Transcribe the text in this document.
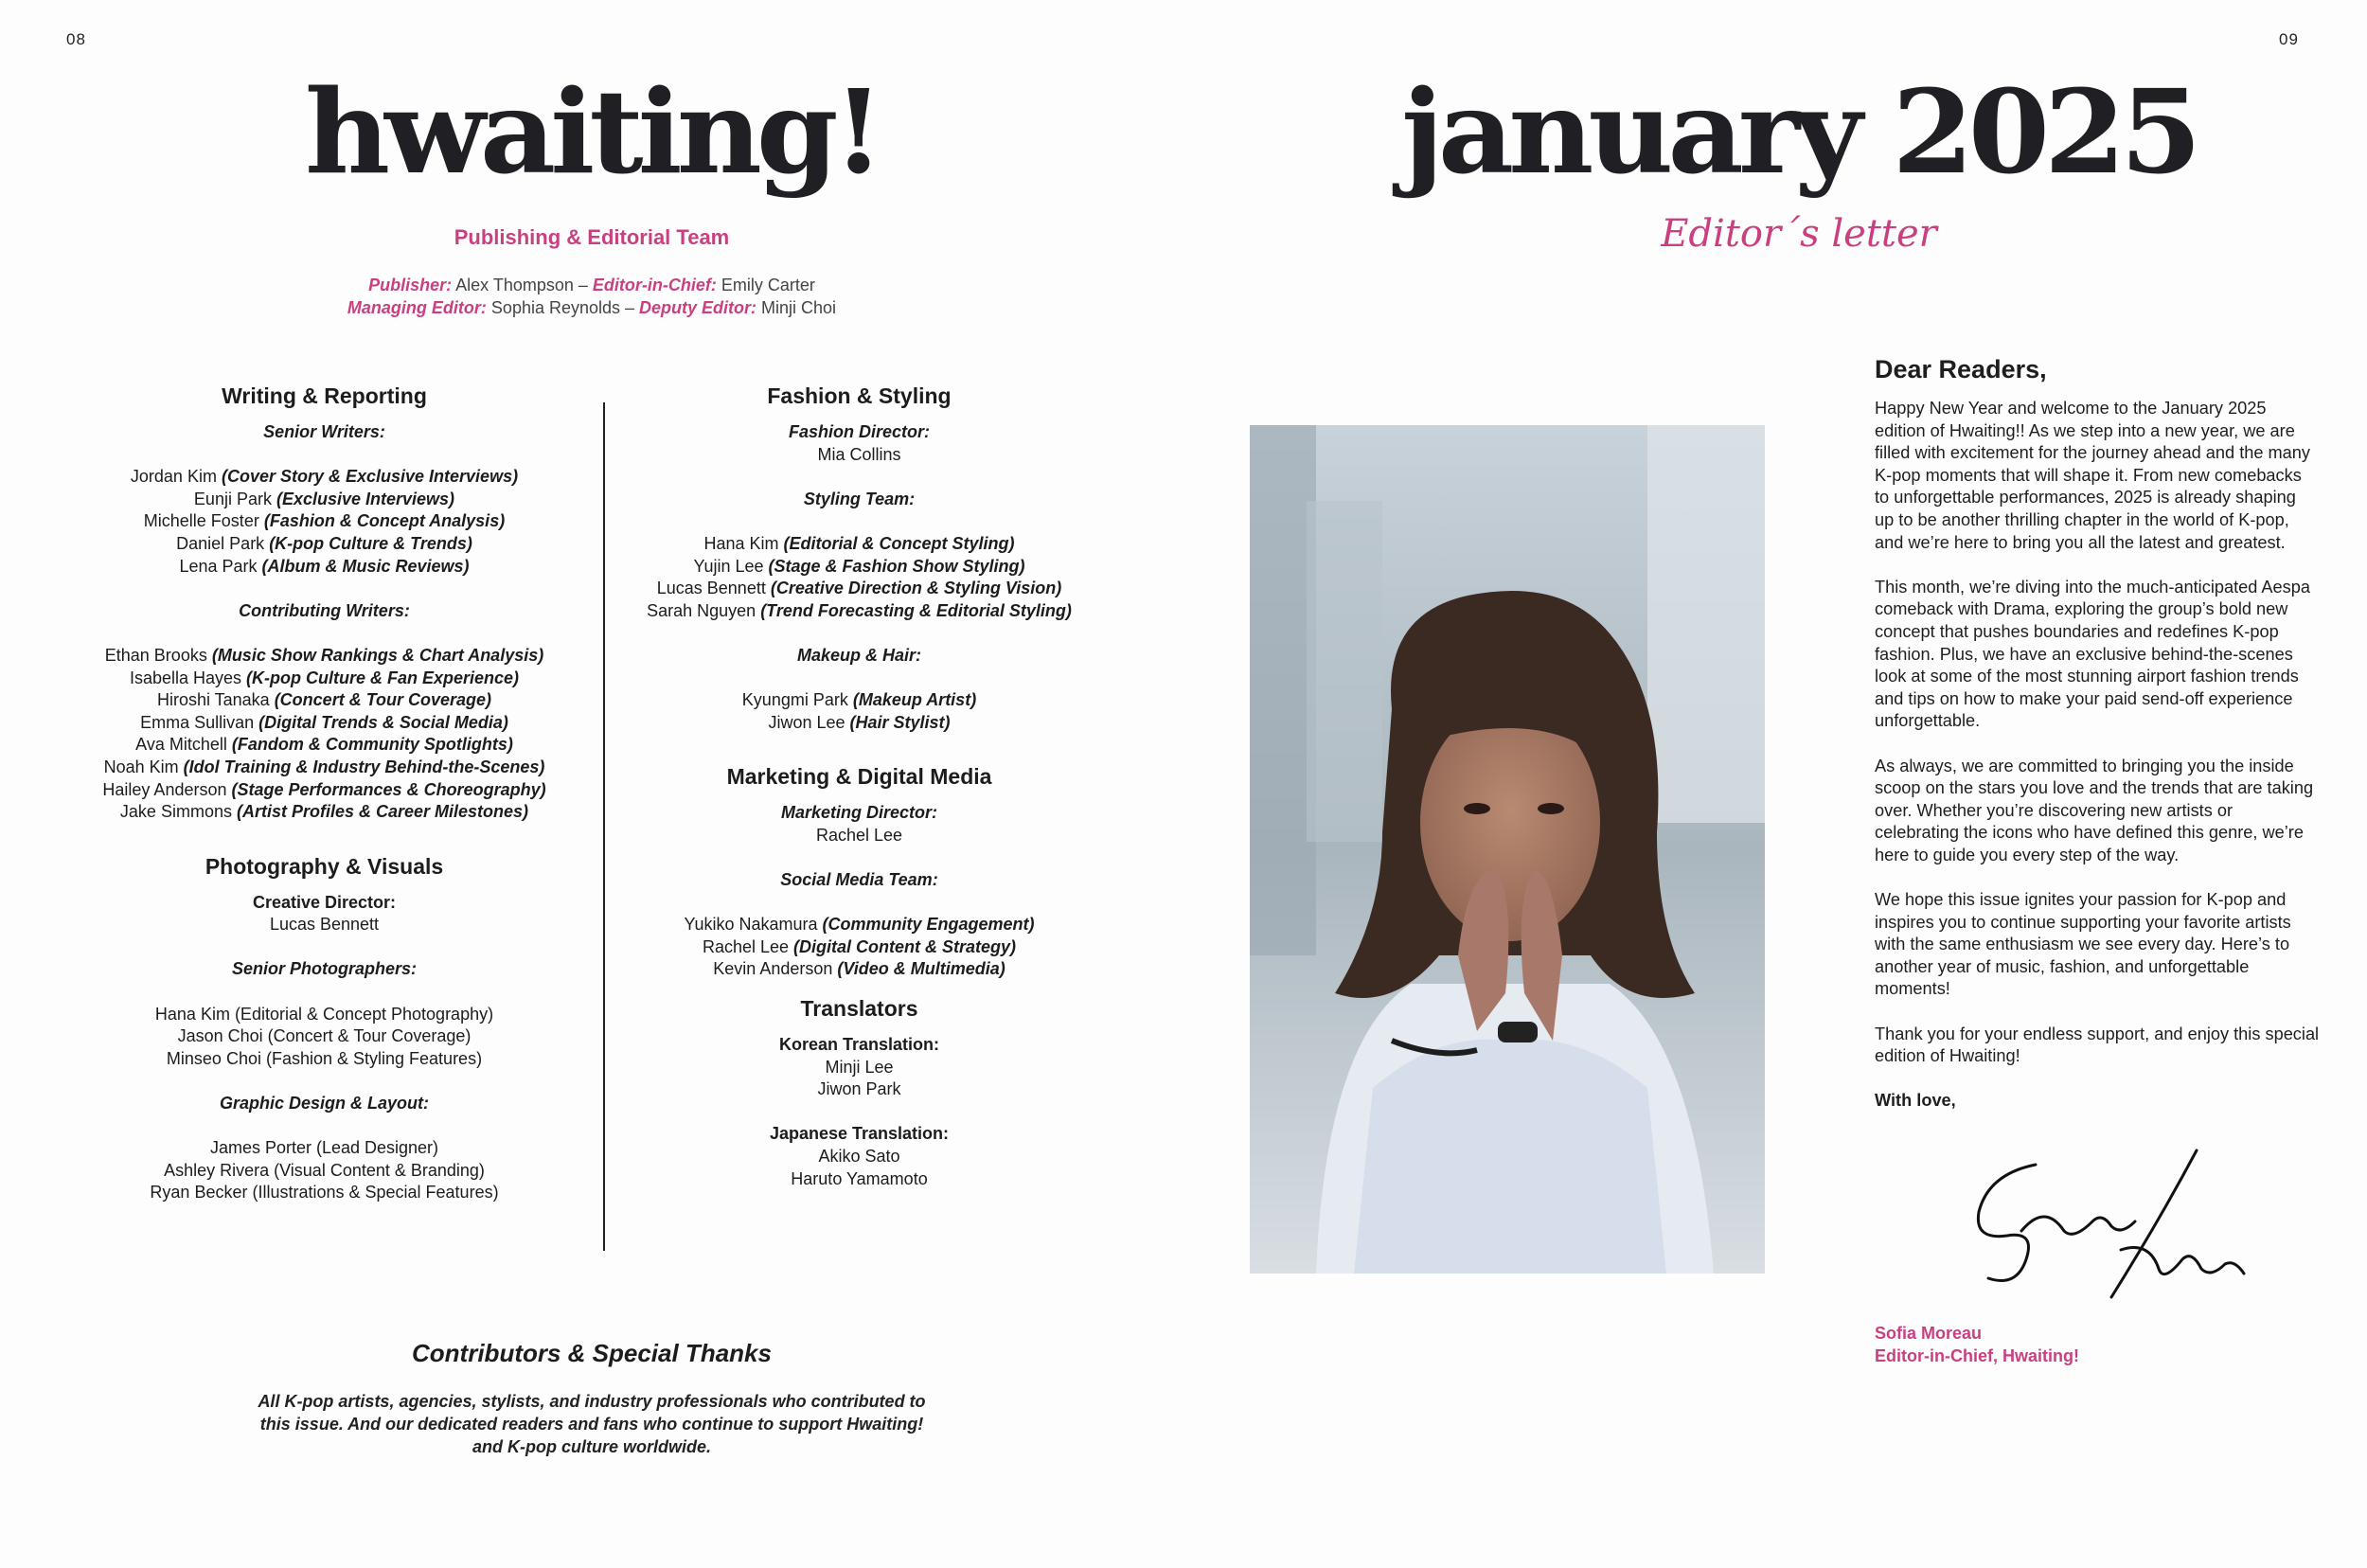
08	09
hwaiting!
Publishing & Editorial Team
Publisher: Alex Thompson – Editor-in-Chief: Emily Carter
Managing Editor: Sophia Reynolds – Deputy Editor: Minji Choi
Writing & Reporting
Senior Writers:
Jordan Kim (Cover Story & Exclusive Interviews)
Eunji Park (Exclusive Interviews)
Michelle Foster (Fashion & Concept Analysis)
Daniel Park (K-pop Culture & Trends)
Lena Park (Album & Music Reviews)
Contributing Writers:
Ethan Brooks (Music Show Rankings & Chart Analysis)
Isabella Hayes (K-pop Culture & Fan Experience)
Hiroshi Tanaka (Concert & Tour Coverage)
Emma Sullivan (Digital Trends & Social Media)
Ava Mitchell (Fandom & Community Spotlights)
Noah Kim (Idol Training & Industry Behind-the-Scenes)
Hailey Anderson (Stage Performances & Choreography)
Jake Simmons (Artist Profiles & Career Milestones)
Photography & Visuals
Creative Director:
Lucas Bennett
Senior Photographers:
Hana Kim (Editorial & Concept Photography)
Jason Choi (Concert & Tour Coverage)
Minseo Choi (Fashion & Styling Features)
Graphic Design & Layout:
James Porter (Lead Designer)
Ashley Rivera (Visual Content & Branding)
Ryan Becker (Illustrations & Special Features)
Fashion & Styling
Fashion Director:
Mia Collins
Styling Team:
Hana Kim (Editorial & Concept Styling)
Yujin Lee (Stage & Fashion Show Styling)
Lucas Bennett (Creative Direction & Styling Vision)
Sarah Nguyen (Trend Forecasting & Editorial Styling)
Makeup & Hair:
Kyungmi Park (Makeup Artist)
Jiwon Lee (Hair Stylist)
Marketing & Digital Media
Marketing Director:
Rachel Lee
Social Media Team:
Yukiko Nakamura (Community Engagement)
Rachel Lee (Digital Content & Strategy)
Kevin Anderson (Video & Multimedia)
Translators
Korean Translation:
Minji Lee
Jiwon Park
Japanese Translation:
Akiko Sato
Haruto Yamamoto
Contributors & Special Thanks
All K-pop artists, agencies, stylists, and industry professionals who contributed to
this issue. And our dedicated readers and fans who continue to support Hwaiting!
and K-pop culture worldwide.
january 2025
Editor´s letter
Dear Readers,

Happy New Year and welcome to the January 2025 edition of Hwaiting!! As we step into a new year, we are filled with excitement for the journey ahead and the many K-pop moments that will shape it. From new comebacks to unforgettable performances, 2025 is already shaping up to be another thrilling chapter in the world of K-pop, and we’re here to bring you all the latest and greatest.

This month, we’re diving into the much-anticipated Aespa comeback with Drama, exploring the group’s bold new concept that pushes boundaries and redefines K-pop fashion. Plus, we have an exclusive behind-the-scenes look at some of the most stunning airport fashion trends and tips on how to make your paid send-off experience unforgettable.

As always, we are committed to bringing you the inside scoop on the stars you love and the trends that are taking over. Whether you’re discovering new artists or celebrating the icons who have defined this genre, we’re here to guide you every step of the way.

We hope this issue ignites your passion for K-pop and inspires you to continue supporting your favorite artists with the same enthusiasm we see every day. Here’s to another year of music, fashion, and unforgettable moments!

Thank you for your endless support, and enjoy this special edition of Hwaiting!

With love,
Sofia Moreau
Editor-in-Chief, Hwaiting!
